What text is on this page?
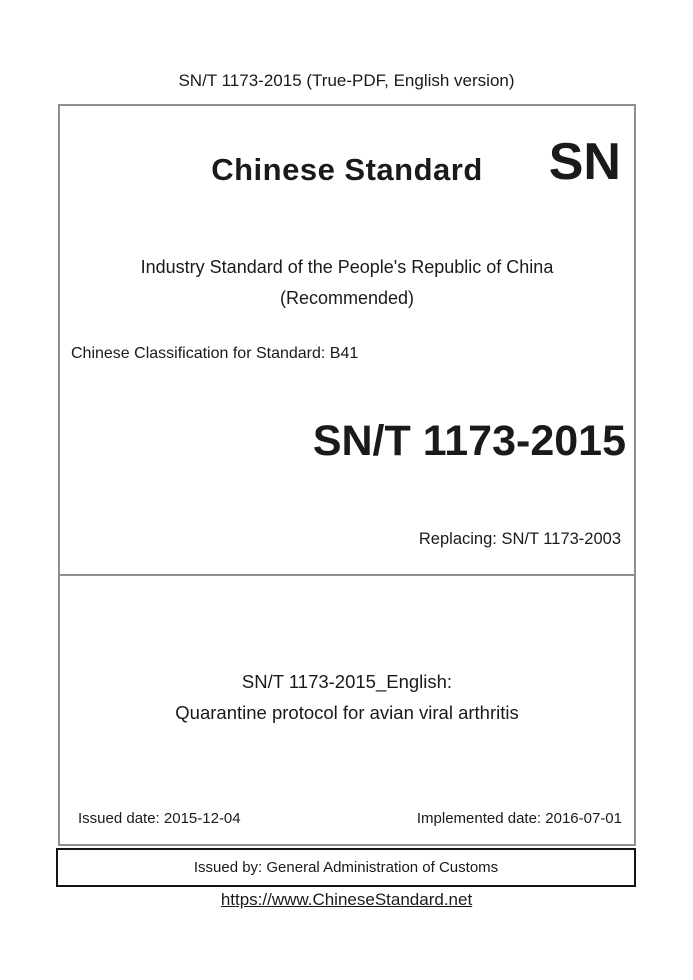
SN/T 1173-2015 (True-PDF, English version)
Chinese Standard	SN
Industry Standard of the People's Republic of China
(Recommended)
Chinese Classification for Standard: B41
SN/T 1173-2015
Replacing: SN/T 1173-2003
SN/T 1173-2015_English:
Quarantine protocol for avian viral arthritis
Issued date: 2015-12-04	Implemented date: 2016-07-01
Issued by: General Administration of Customs
https://www.ChineseStandard.net
